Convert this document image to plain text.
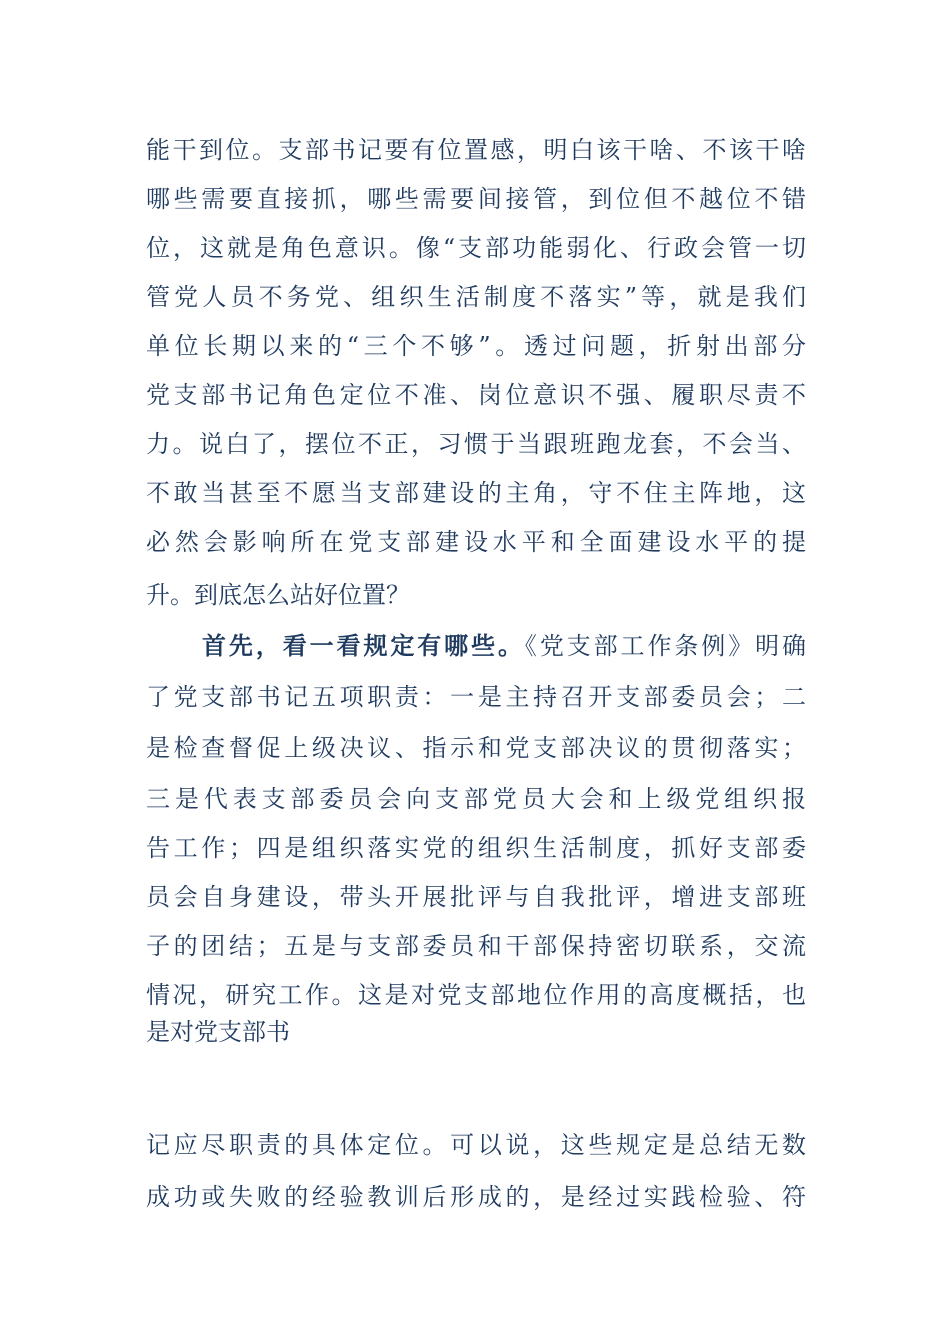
能干到位。支部书记要有位置感，明白该干啥、不该干啥
哪些需要直接抓，哪些需要间接管，到位但不越位不错
位，这就是角色意识。像“支部功能弱化、行政会管一切
管党人员不务党、组织生活制度不落实”等，就是我们
单位长期以来的“三个不够”。透过问题，折射出部分
党支部书记角色定位不准、岗位意识不强、履职尽责不
力。说白了，摆位不正，习惯于当跟班跑龙套，不会当、
不敢当甚至不愿当支部建设的主角，守不住主阵地，这
必然会影响所在党支部建设水平和全面建设水平的提
升。到底怎么站好位置？
首先，看一看规定有哪些。《党支部工作条例》明确
了党支部书记五项职责：一是主持召开支部委员会；二
是检查督促上级决议、指示和党支部决议的贯彻落实；
三是代表支部委员会向支部党员大会和上级党组织报
告工作；四是组织落实党的组织生活制度，抓好支部委
员会自身建设，带头开展批评与自我批评，增进支部班
子的团结；五是与支部委员和干部保持密切联系，交流
情况，研究工作。这是对党支部地位作用的高度概括，也
是对党支部书
记应尽职责的具体定位。可以说，这些规定是总结无数
成功或失败的经验教训后形成的，是经过实践检验、符
